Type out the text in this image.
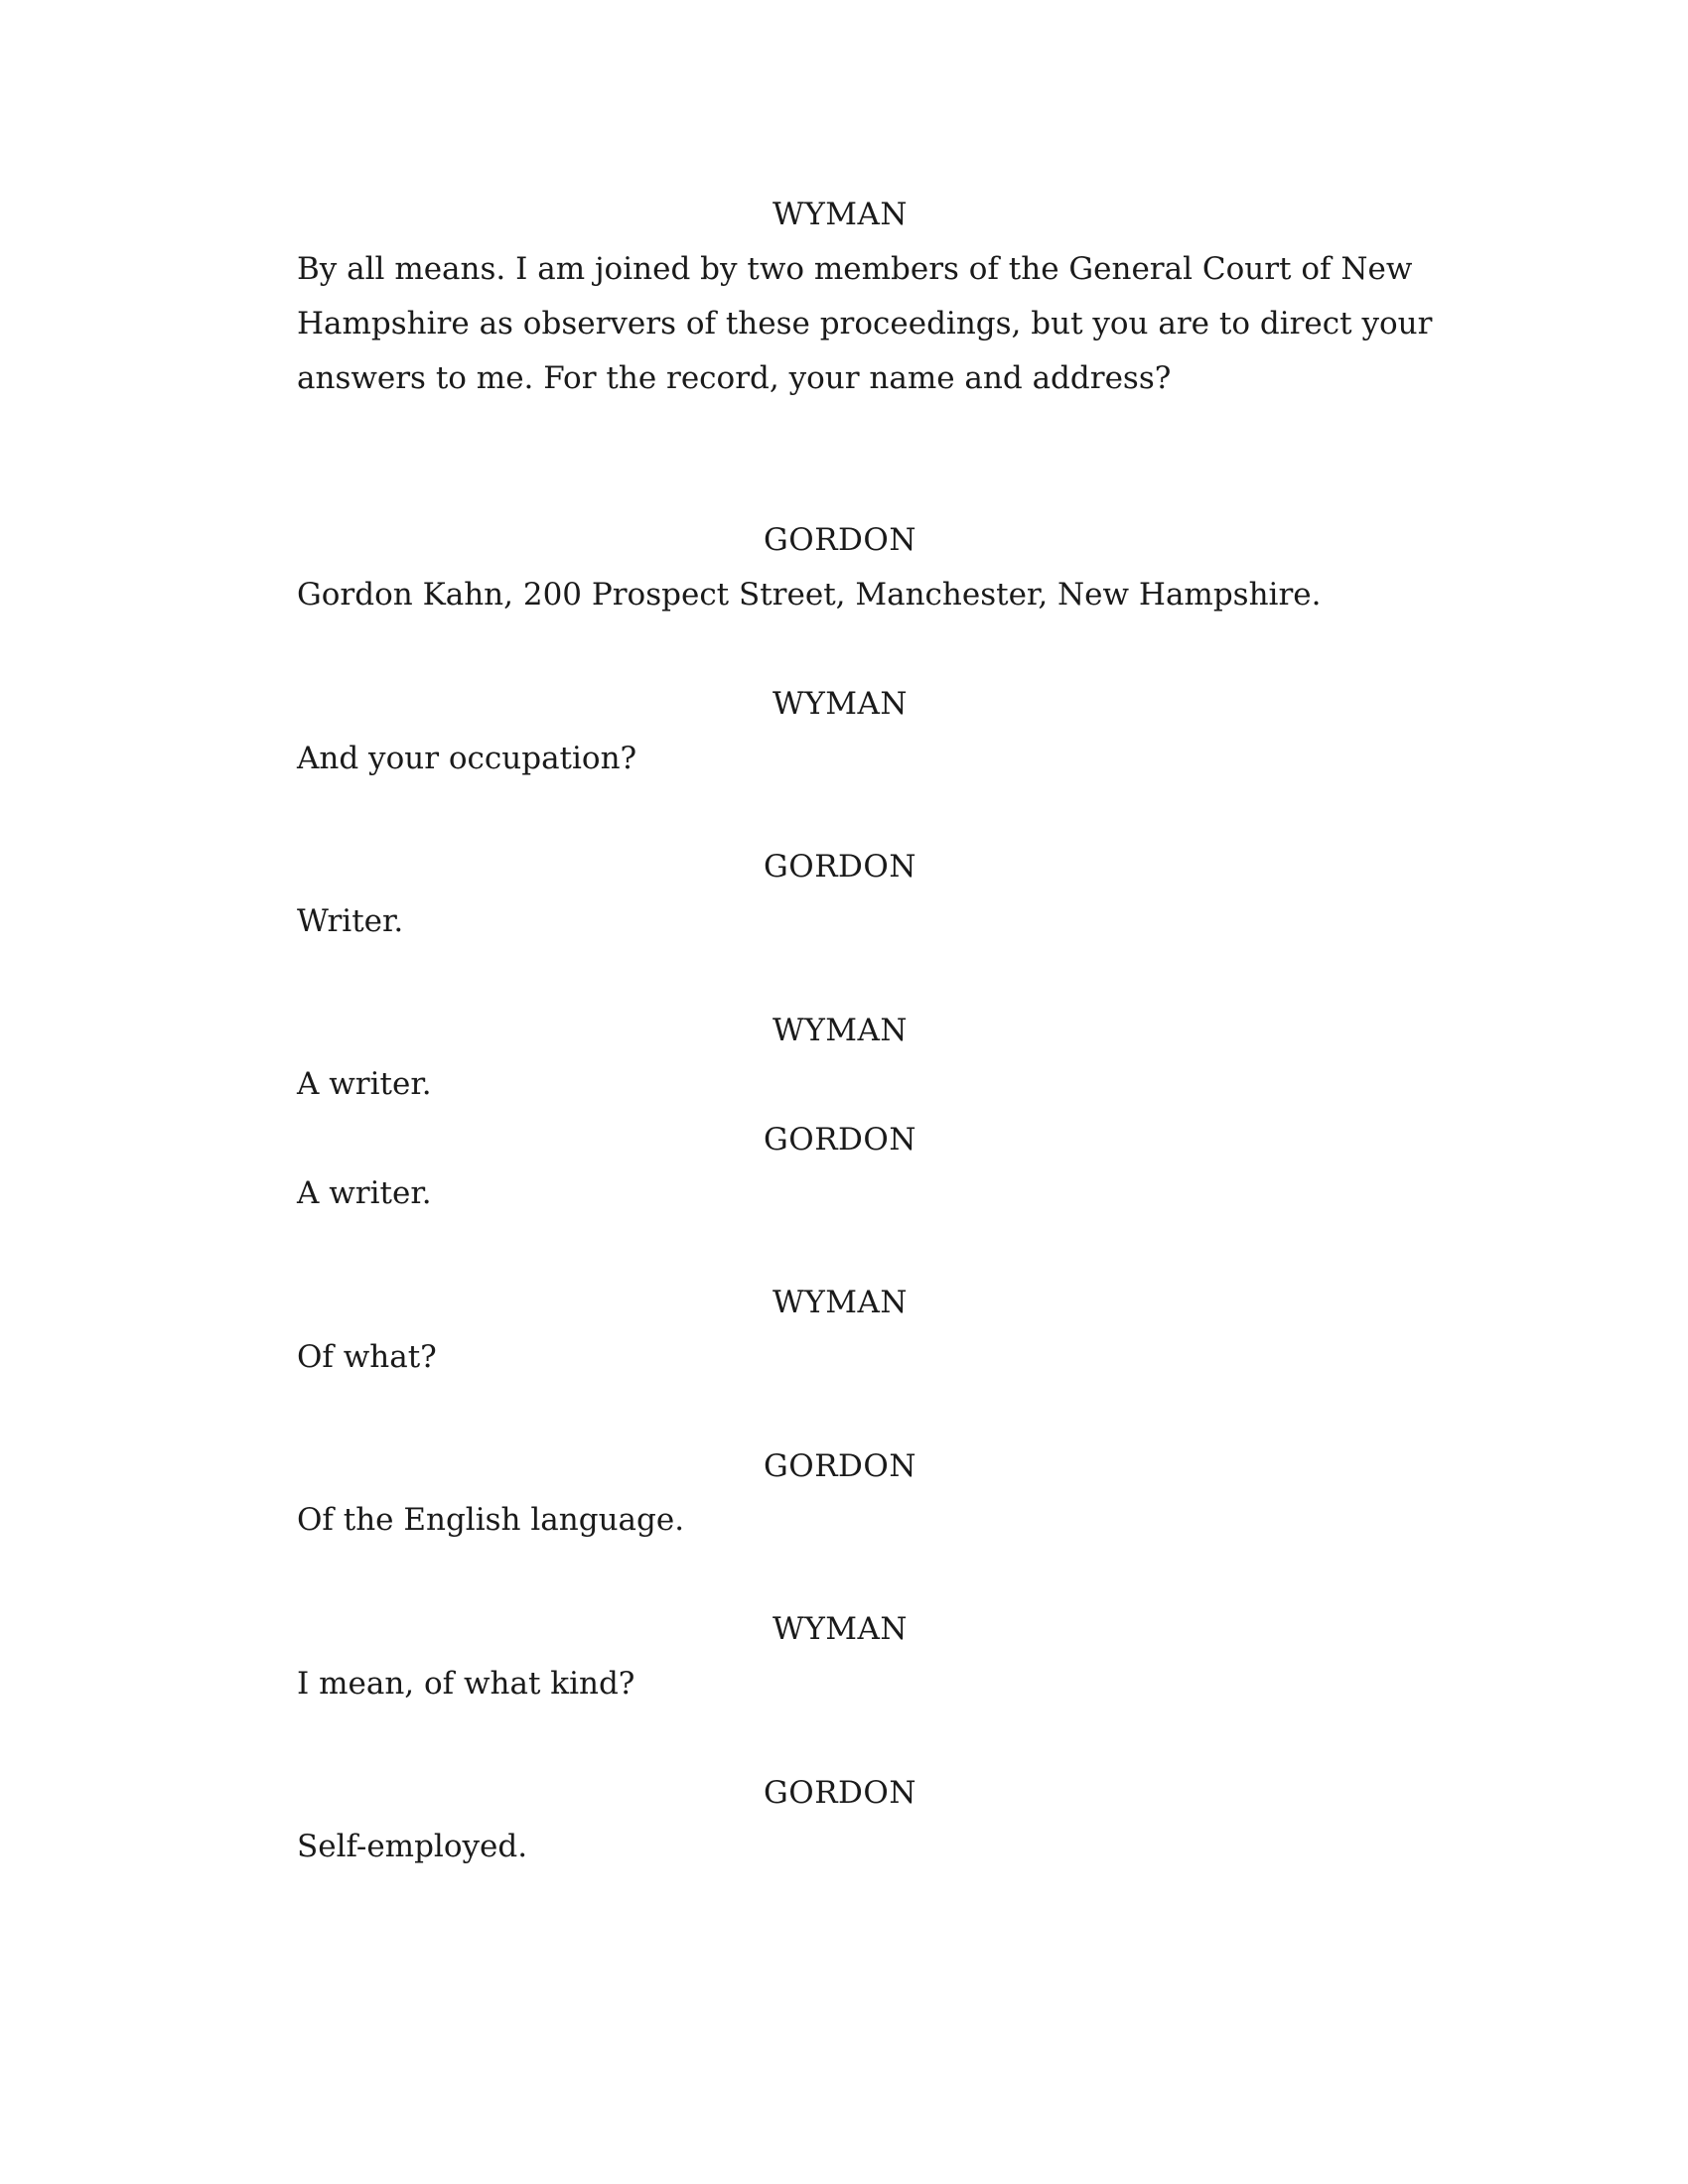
WYMAN
By all means. I am joined by two members of the General Court of New
Hampshire as observers of these proceedings, but you are to direct your
answers to me. For the record, your name and address?
GORDON
Gordon Kahn, 200 Prospect Street, Manchester, New Hampshire.
WYMAN
And your occupation?
GORDON
Writer.
WYMAN
A writer.
GORDON
A writer.
WYMAN
Of what?
GORDON
Of the English language.
WYMAN
I mean, of what kind?
GORDON
Self-employed.
